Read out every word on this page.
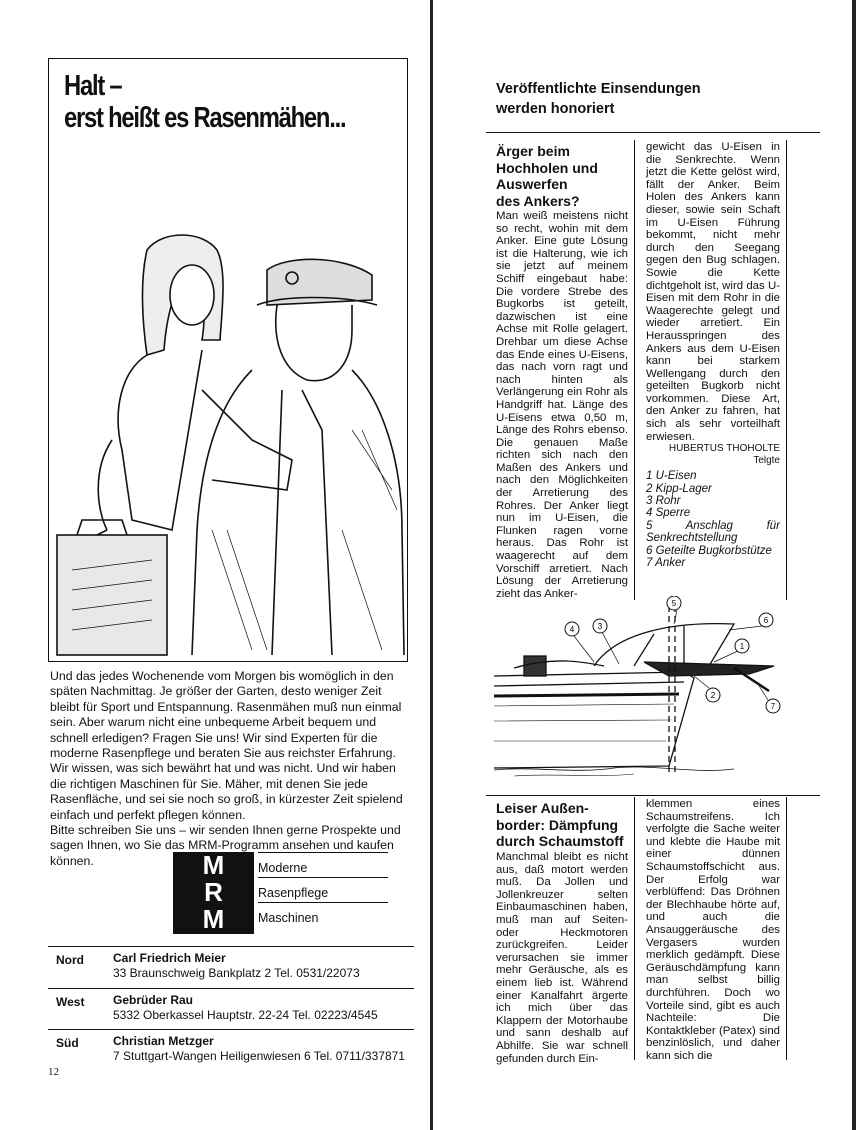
Halt –
erst heißt es Rasenmähen...

Und das jedes Wochenende vom Morgen bis womöglich in den späten Nachmittag. Je größer der Garten, desto weniger Zeit bleibt für Sport und Entspannung. Rasenmähen muß nun einmal sein. Aber warum nicht eine unbequeme Arbeit bequem und schnell erledigen? Fragen Sie uns! Wir sind Experten für die moderne Rasenpflege und beraten Sie aus reichster Erfahrung. Wir wissen, was sich bewährt hat und was nicht. Und wir haben die richtigen Maschinen für Sie. Mäher, mit denen Sie jede Rasenfläche, und sei sie noch so groß, in kürzester Zeit spielend einfach und perfekt pflegen können.

Bitte schreiben Sie uns – wir senden Ihnen gerne Prospekte und sagen Ihnen, wo Sie das MRM-Programm ansehen und kaufen können.	M
R
M
Moderne
Rasenpflege
Maschinen
Nord Carl Friedrich Meier
33 Braunschweig Bankplatz 2 Tel. 0531/22073
West Gebrüder Rau
5332 Oberkassel Hauptstr. 22-24 Tel. 02223/4545
Süd	Christian Metzger
7 Stuttgart-Wangen Heiligenwiesen 6 Tel. 0711/337871
12
Veröffentlichte Einsendungen
werden honoriert
Ärger beim
Hochholen und
Auswerfen
des Ankers?

Man weiß meistens nicht so recht, wohin mit dem Anker. Eine gute Lösung ist die Halterung, wie ich sie jetzt auf meinem Schiff eingebaut habe: Die vordere Strebe des Bugkorbs ist geteilt, dazwischen ist eine Achse mit Rolle gelagert. Drehbar um diese Achse das Ende eines U-Eisens, das nach vorn ragt und nach hinten als Verlängerung ein Rohr als Handgriff hat. Länge des U-Eisens etwa 0,50 m, Länge des Rohrs ebenso. Die genauen Maße richten sich nach den Maßen des Ankers und nach den Möglichkeiten der Arretierung des Rohres. Der Anker liegt nun im U-Eisen, die Flunken ragen vorne heraus. Das Rohr ist waagerecht auf dem Vorschiff arretiert. Nach Lösung der Arretierung zieht das Anker-

gewicht das U-Eisen in die Senkrechte. Wenn jetzt die Kette gelöst wird, fällt der Anker. Beim Holen des Ankers kann dieser, sowie sein Schaft im U-Eisen Führung bekommt, nicht mehr durch den Seegang gegen den Bug schlagen. Sowie die Kette dichtgeholt ist, wird das U-Eisen mit dem Rohr in die Waagerechte gelegt und wieder arretiert. Ein Herausspringen des Ankers aus dem U-Eisen kann bei starkem Wellengang durch den geteilten Bugkorb nicht vorkommen. Diese Art, den Anker zu fahren, hat sich als sehr vorteilhaft erwiesen.

HUBERTUS THOHOLTE
Telgte
1 U-Eisen
2 Kipp-Lager
3 Rohr
4 Sperre
5 Anschlag für Senkrechtstellung
6 Geteilte Bugkorbstütze
7 Anker
4	3
5
6
1
2
7
Leiser Außen-
border: Dämpfung
durch Schaumstoff

Manchmal bleibt es nicht aus, daß motort werden muß. Da Jollen und Jollenkreuzer selten Einbaumaschinen haben, muß man auf Seiten- oder Heckmotoren zurückgreifen. Leider verursachen sie immer mehr Geräusche, als es einem lieb ist. Während einer Kanalfahrt ärgerte ich mich über das Klappern der Motorhaube und sann deshalb auf Abhilfe. Sie war schnell gefunden durch Ein-

klemmen eines Schaumstreifens. Ich verfolgte die Sache weiter und klebte die Haube mit einer dünnen Schaumstoffschicht aus. Der Erfolg war verblüffend: Das Dröhnen der Blechhaube hörte auf, und auch die Ansauggeräusche des Vergasers wurden merklich gedämpft. Diese Geräuschdämpfung kann man selbst billig durchführen. Doch wo Vorteile sind, gibt es auch Nachteile: Die Kontaktkleber (Patex) sind benzinlöslich, und daher kann sich die
